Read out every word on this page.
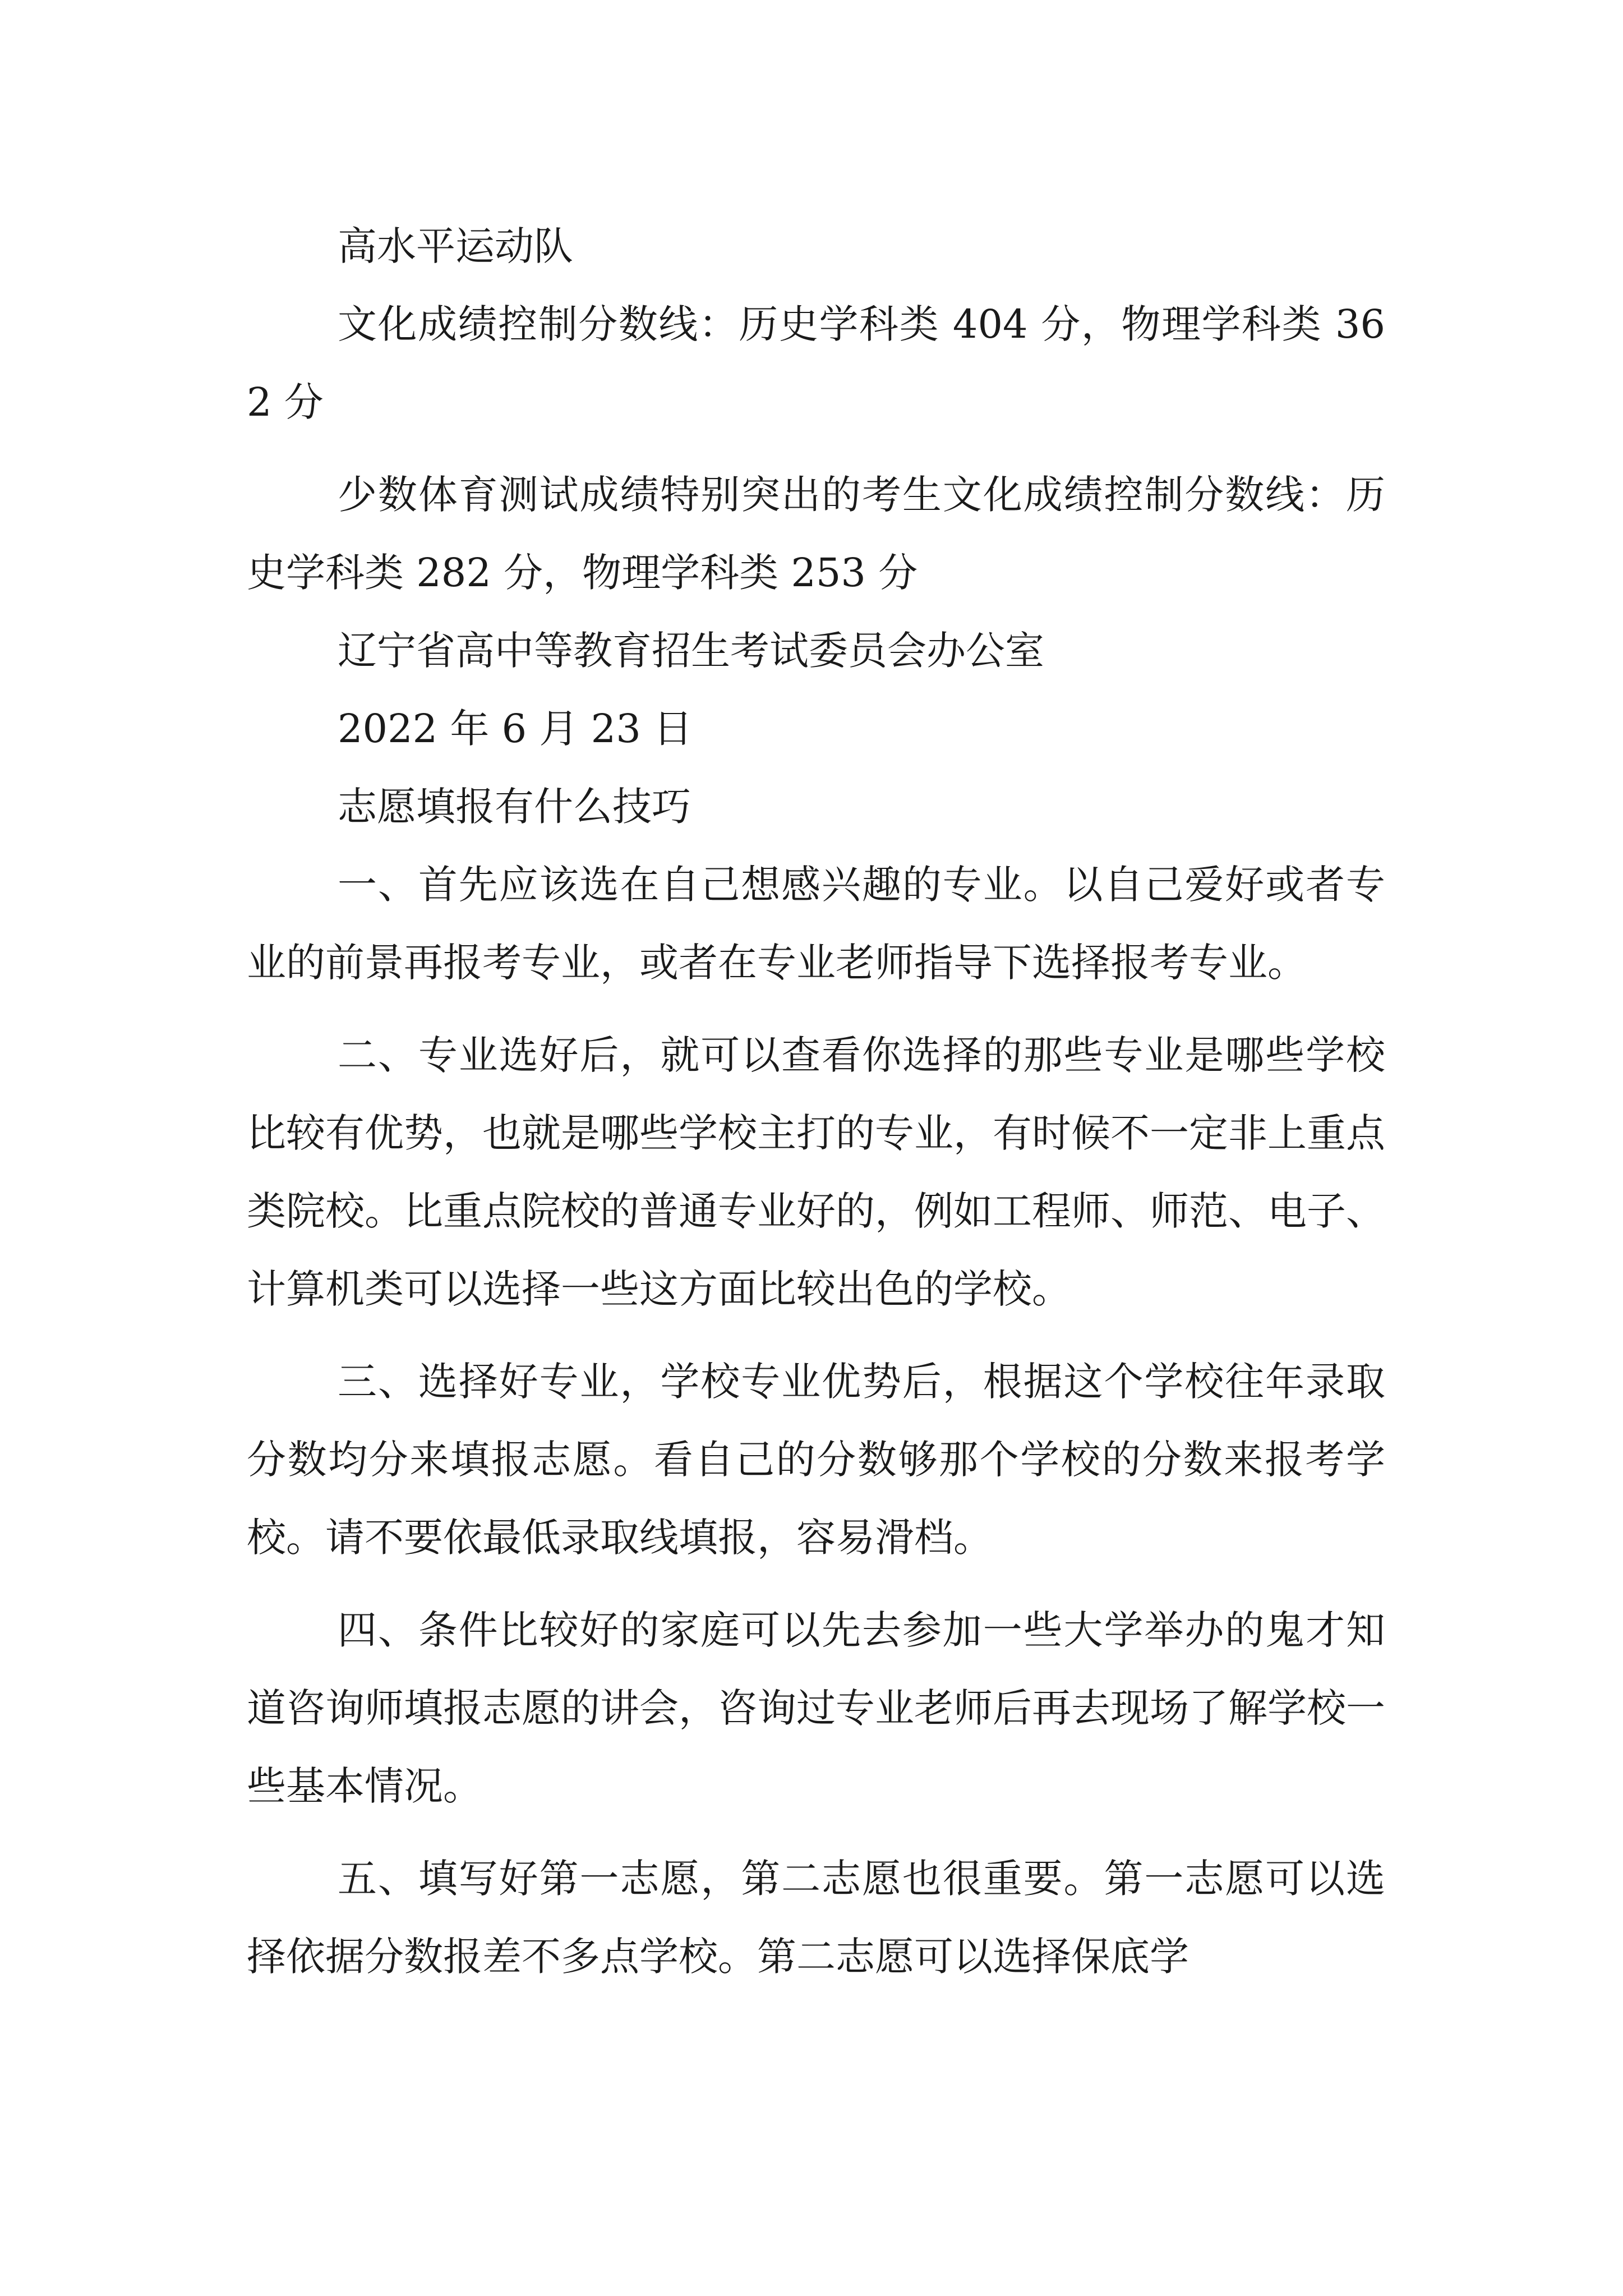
高水平运动队

文化成绩控制分数线：历史学科类 404 分，物理学科类 362 分

少数体育测试成绩特别突出的考生文化成绩控制分数线：历史学科类 282 分，物理学科类 253 分

辽宁省高中等教育招生考试委员会办公室

2022 年 6 月 23 日

志愿填报有什么技巧

一、首先应该选在自己想感兴趣的专业。以自己爱好或者专业的前景再报考专业，或者在专业老师指导下选择报考专业。

二、专业选好后，就可以查看你选择的那些专业是哪些学校比较有优势，也就是哪些学校主打的专业，有时候不一定非上重点类院校。比重点院校的普通专业好的，例如工程师、师范、电子、计算机类可以选择一些这方面比较出色的学校。

三、选择好专业，学校专业优势后，根据这个学校往年录取分数均分来填报志愿。看自己的分数够那个学校的分数来报考学校。请不要依最低录取线填报，容易滑档。

四、条件比较好的家庭可以先去参加一些大学举办的鬼才知道咨询师填报志愿的讲会，咨询过专业老师后再去现场了解学校一些基本情况。

五、填写好第一志愿，第二志愿也很重要。第一志愿可以选择依据分数报差不多点学校。第二志愿可以选择保底学
